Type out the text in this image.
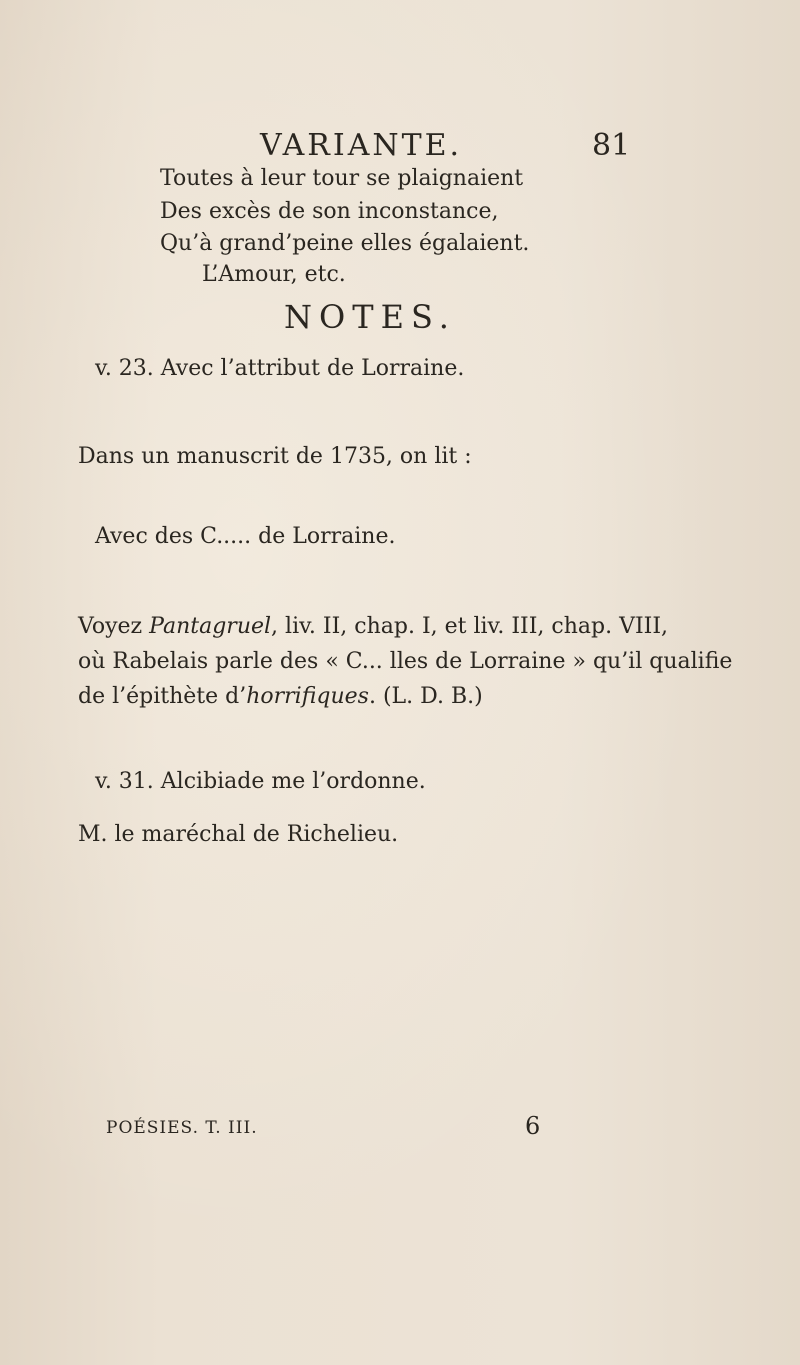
VARIANTE.	81
Toutes à leur tour se plaignaient
Des excès de son inconstance,
Qu’à grand’peine elles égalaient.
L’Amour, etc.
NOTES.
v. 23. Avec l’attribut de Lorraine.
Dans un manuscrit de 1735, on lit :
Avec des C..... de Lorraine.
Voyez Pantagruel, liv. II, chap. I, et liv. III, chap. VIII,
où Rabelais parle des « C... lles de Lorraine » qu’il qualifie
de l’épithète d’horrifiques. (L. D. B.)
v. 31. Alcibiade me l’ordonne.
M. le maréchal de Richelieu.
POÉSIES. T. III.	6
